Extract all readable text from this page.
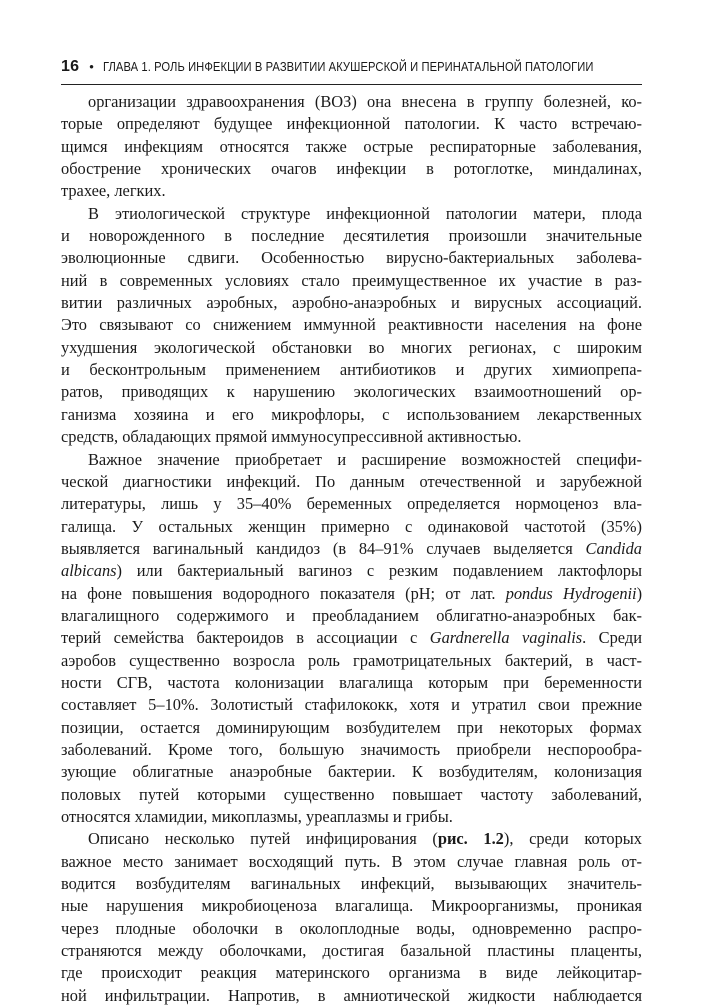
16 • ГЛАВА 1. РОЛЬ ИНФЕКЦИИ В РАЗВИТИИ АКУШЕРСКОЙ И ПЕРИНАТАЛЬНОЙ ПАТОЛОГИИ
организации здравоохранения (ВОЗ) она внесена в группу болезней, ко-
торые определяют будущее инфекционной патологии. К часто встречаю-
щимся инфекциям относятся также острые респираторные заболевания,
обострение хронических очагов инфекции в ротоглотке, миндалинах,
трахее, легких.
В этиологической структуре инфекционной патологии матери, плода
и новорожденного в последние десятилетия произошли значительные
эволюционные сдвиги. Особенностью вирусно-бактериальных заболева-
ний в современных условиях стало преимущественное их участие в раз-
витии различных аэробных, аэробно-анаэробных и вирусных ассоциаций.
Это связывают со снижением иммунной реактивности населения на фоне
ухудшения экологической обстановки во многих регионах, с широким
и бесконтрольным применением антибиотиков и других химиопрепа-
ратов, приводящих к нарушению экологических взаимоотношений ор-
ганизма хозяина и его микрофлоры, с использованием лекарственных
средств, обладающих прямой иммуносупрессивной активностью.
Важное значение приобретает и расширение возможностей специфи-
ческой диагностики инфекций. По данным отечественной и зарубежной
литературы, лишь у 35–40% беременных определяется нормоценоз вла-
галища. У остальных женщин примерно с одинаковой частотой (35%)
выявляется вагинальный кандидоз (в 84–91% случаев выделяется Candida
albicans) или бактериальный вагиноз с резким подавлением лактофлоры
на фоне повышения водородного показателя (pH; от лат. pondus Hydrogenii)
влагалищного содержимого и преобладанием облигатно-анаэробных бак-
терий семейства бактероидов в ассоциации с Gardnerella vaginalis. Среди
аэробов существенно возросла роль грамотрицательных бактерий, в част-
ности СГВ, частота колонизации влагалища которым при беременности
составляет 5–10%. Золотистый стафилококк, хотя и утратил свои прежние
позиции, остается доминирующим возбудителем при некоторых формах
заболеваний. Кроме того, большую значимость приобрели неспорообра-
зующие облигатные анаэробные бактерии. К возбудителям, колонизация
половых путей которыми существенно повышает частоту заболеваний,
относятся хламидии, микоплазмы, уреаплазмы и грибы.
Описано несколько путей инфицирования (рис. 1.2), среди которых
важное место занимает восходящий путь. В этом случае главная роль от-
водится возбудителям вагинальных инфекций, вызывающих значитель-
ные нарушения микробиоценоза влагалища. Микроорганизмы, проникая
через плодные оболочки в околоплодные воды, одновременно распро-
страняются между оболочками, достигая базальной пластины плаценты,
где происходит реакция материнского организма в виде лейкоцитар-
ной инфильтрации. Напротив, в амниотической жидкости наблюдается
